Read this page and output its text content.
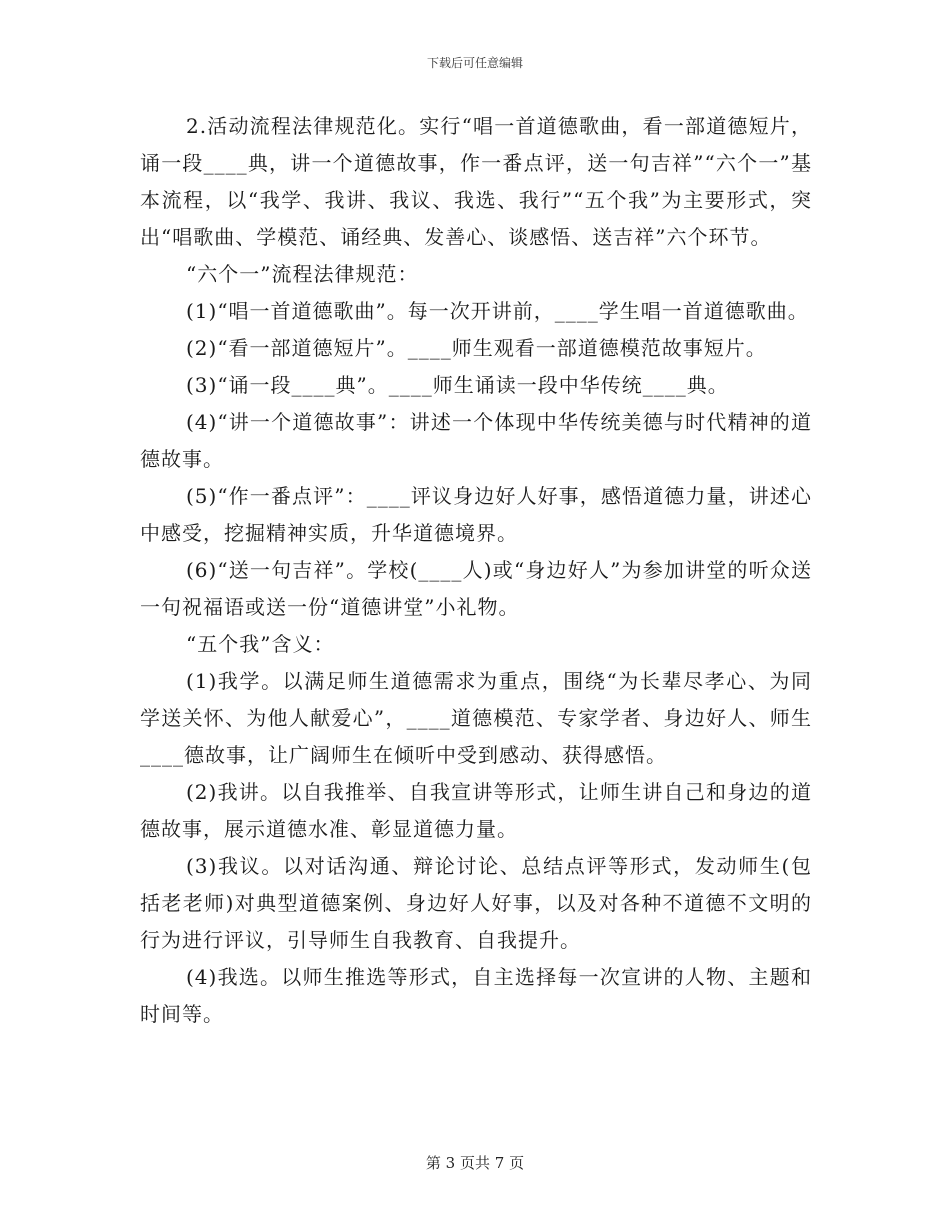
下载后可任意编辑

2.活动流程法律规范化。实行“唱一首道德歌曲，看一部道德短片，诵一段____典，讲一个道德故事，作一番点评，送一句吉祥”“六个一”基本流程，以“我学、我讲、我议、我选、我行”“五个我”为主要形式，突出“唱歌曲、学模范、诵经典、发善心、谈感悟、送吉祥”六个环节。

“六个一”流程法律规范：

(1)“唱一首道德歌曲”。每一次开讲前，____学生唱一首道德歌曲。

(2)“看一部道德短片”。____师生观看一部道德模范故事短片。

(3)“诵一段____典”。____师生诵读一段中华传统____典。

(4)“讲一个道德故事”：讲述一个体现中华传统美德与时代精神的道德故事。

(5)“作一番点评”：____评议身边好人好事，感悟道德力量，讲述心中感受，挖掘精神实质，升华道德境界。

(6)“送一句吉祥”。学校(____人)或“身边好人”为参加讲堂的听众送一句祝福语或送一份“道德讲堂”小礼物。

“五个我”含义：

(1)我学。以满足师生道德需求为重点，围绕“为长辈尽孝心、为同学送关怀、为他人献爱心”，____道德模范、专家学者、身边好人、师生____德故事，让广阔师生在倾听中受到感动、获得感悟。

(2)我讲。以自我推举、自我宣讲等形式，让师生讲自己和身边的道德故事，展示道德水准、彰显道德力量。

(3)我议。以对话沟通、辩论讨论、总结点评等形式，发动师生(包括老老师)对典型道德案例、身边好人好事，以及对各种不道德不文明的行为进行评议，引导师生自我教育、自我提升。

(4)我选。以师生推选等形式，自主选择每一次宣讲的人物、主题和时间等。

第 3 页共 7 页
